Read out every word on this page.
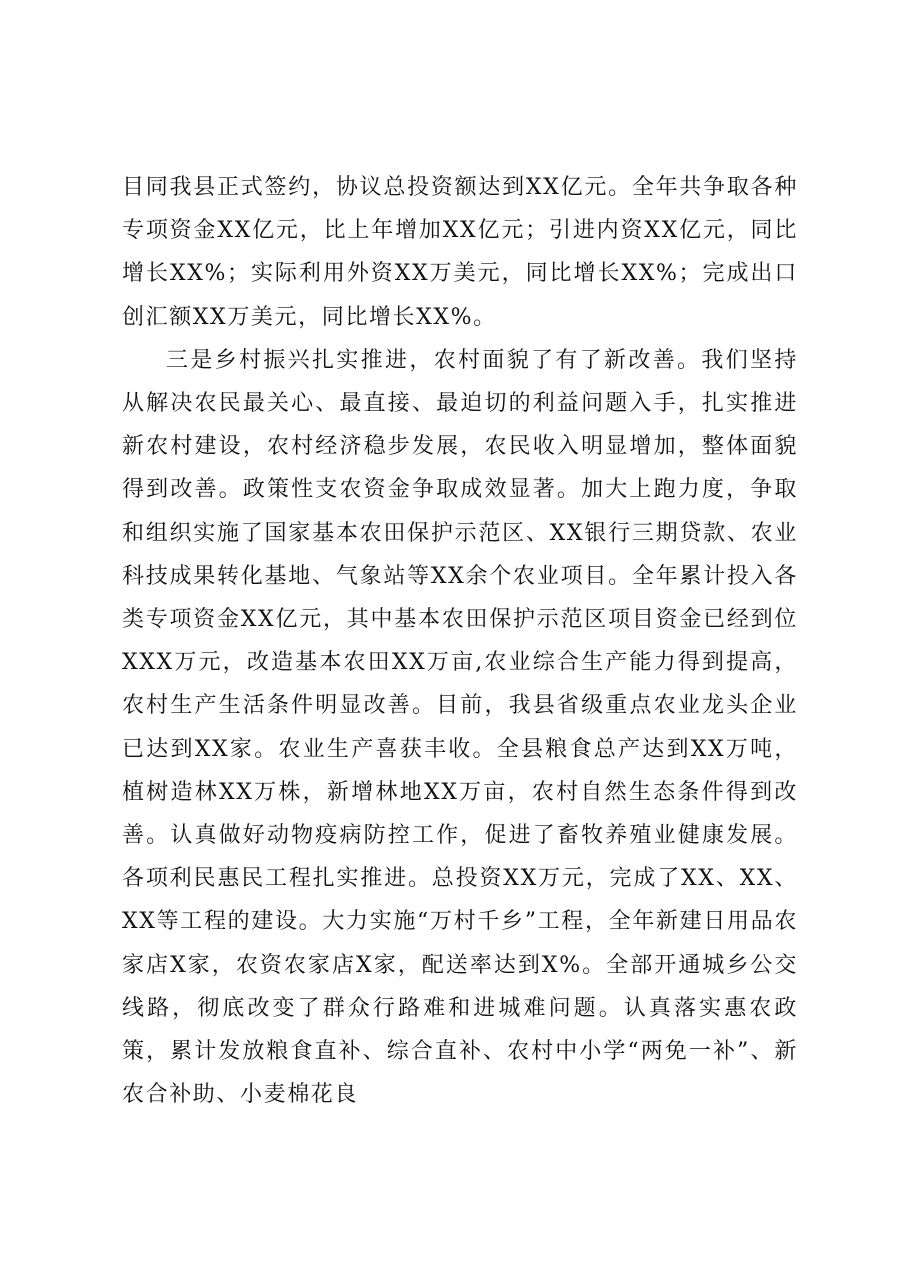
目同我县正式签约，协议总投资额达到XX亿元。全年共争取各种专项资金XX亿元，比上年增加XX亿元；引进内资XX亿元，同比增长XX%；实际利用外资XX万美元，同比增长XX%；完成出口创汇额XX万美元，同比增长XX%。

三是乡村振兴扎实推进，农村面貌了有了新改善。我们坚持从解决农民最关心、最直接、最迫切的利益问题入手，扎实推进新农村建设，农村经济稳步发展，农民收入明显增加，整体面貌得到改善。政策性支农资金争取成效显著。加大上跑力度，争取和组织实施了国家基本农田保护示范区、XX银行三期贷款、农业科技成果转化基地、气象站等XX余个农业项目。全年累计投入各类专项资金XX亿元，其中基本农田保护示范区项目资金已经到位XXX万元，改造基本农田XX万亩,农业综合生产能力得到提高，农村生产生活条件明显改善。目前，我县省级重点农业龙头企业已达到XX家。农业生产喜获丰收。全县粮食总产达到XX万吨，植树造林XX万株，新增林地XX万亩，农村自然生态条件得到改善。认真做好动物疫病防控工作，促进了畜牧养殖业健康发展。各项利民惠民工程扎实推进。总投资XX万元，完成了XX、XX、XX等工程的建设。大力实施“万村千乡”工程，全年新建日用品农家店X家，农资农家店X家，配送率达到X%。全部开通城乡公交线路，彻底改变了群众行路难和进城难问题。认真落实惠农政策，累计发放粮食直补、综合直补、农村中小学“两免一补”、新农合补助、小麦棉花良
